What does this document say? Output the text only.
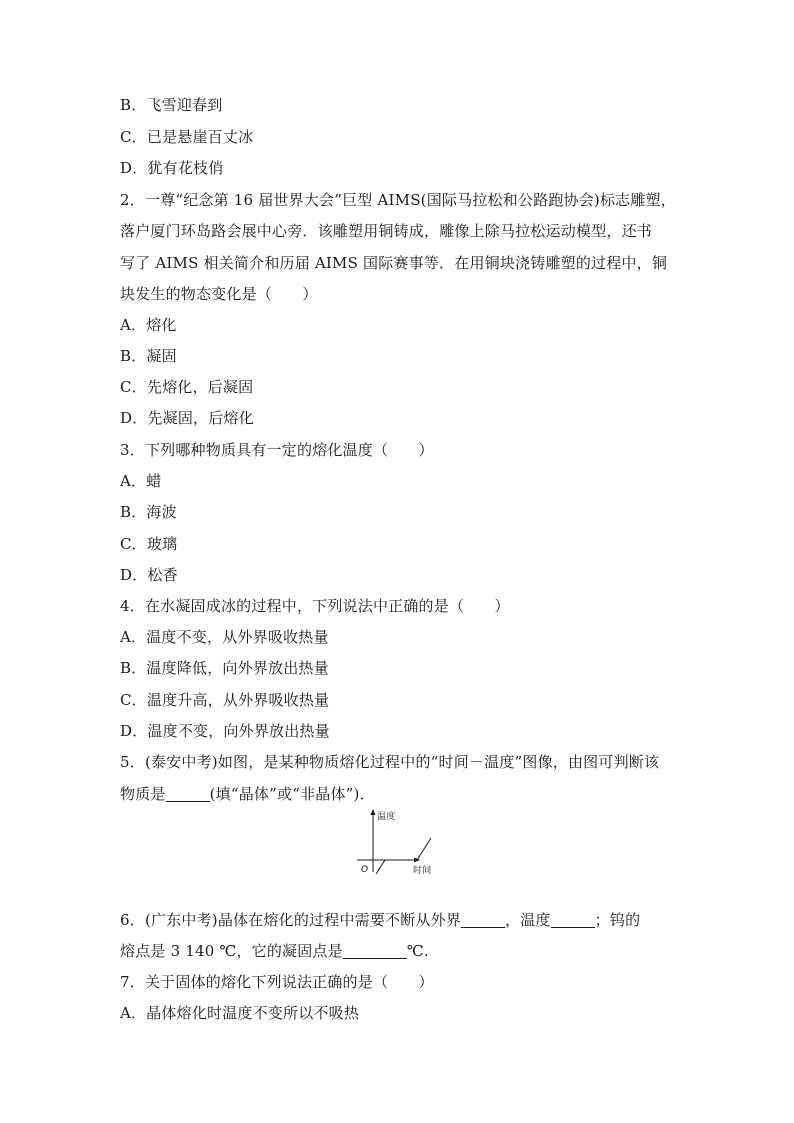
B．飞雪迎春到
C．已是悬崖百丈冰
D．犹有花枝俏
2．一尊“纪念第 16 届世界大会”巨型 AIMS(国际马拉松和公路跑协会)标志雕塑，
落户厦门环岛路会展中心旁．该雕塑用铜铸成，雕像上除马拉松运动模型，还书
写了 AIMS 相关简介和历届 AIMS 国际赛事等．在用铜块浇铸雕塑的过程中，铜
块发生的物态变化是（　　）
A．熔化
B．凝固
C．先熔化，后凝固
D．先凝固，后熔化
3．下列哪种物质具有一定的熔化温度（　　）
A．蜡
B．海波
C．玻璃
D．松香
4．在水凝固成冰的过程中，下列说法中正确的是（　　）
A．温度不变，从外界吸收热量
B．温度降低，向外界放出热量
C．温度升高，从外界吸收热量
D．温度不变，向外界放出热量
5．(泰安中考)如图，是某种物质熔化过程中的“时间－温度”图像，由图可判断该
物质是	(填“晶体”或“非晶体”)．
温度
时间
O
6．(广东中考)晶体在熔化的过程中需要不断从外界	，温度	；钨的
熔点是 3 140 ℃，它的凝固点是	℃.
7．关于固体的熔化下列说法正确的是（　　）
A．晶体熔化时温度不变所以不吸热
